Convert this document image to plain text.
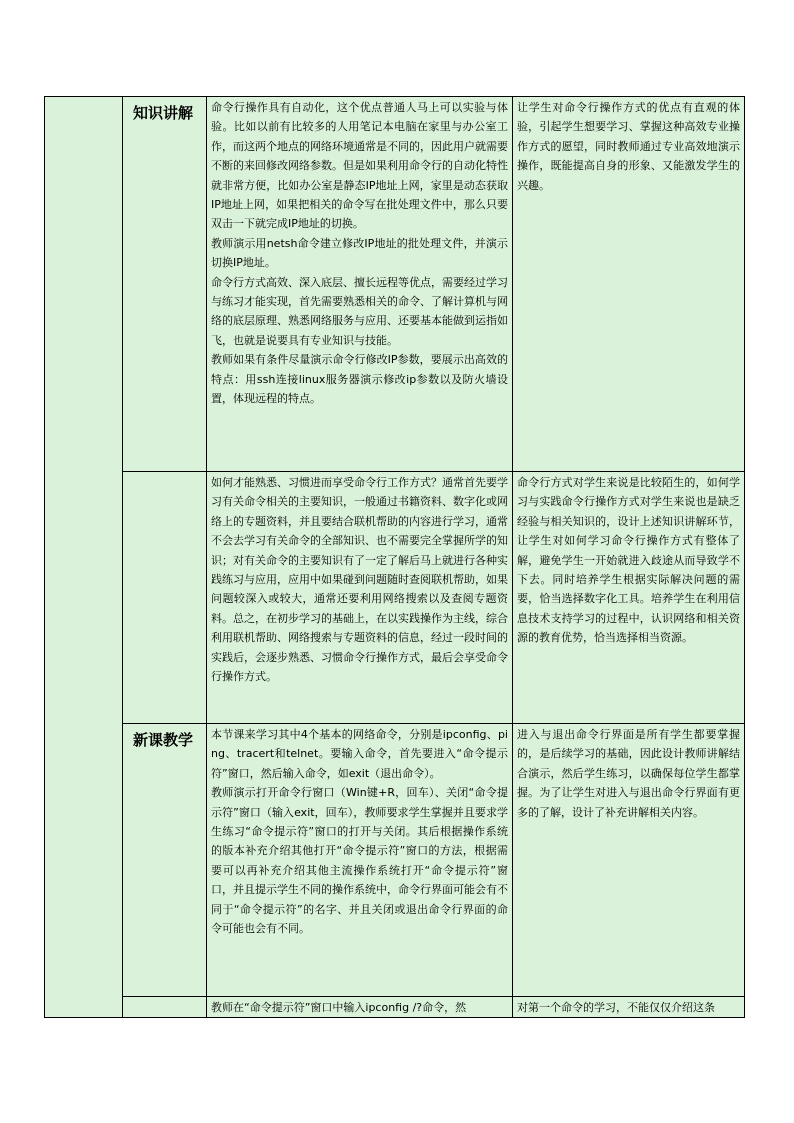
	知识讲解	命令行操作具有自动化，这个优点普通人马上可以实验与体验。比如以前有比较多的人用笔记本电脑在家里与办公室工作，而这两个地点的网络环境通常是不同的，因此用户就需要不断的来回修改网络参数。但是如果利用命令行的自动化特性就非常方便，比如办公室是静态IP地址上网，家里是动态获取IP地址上网，如果把相关的命令写在批处理文件中，那么只要双击一下就完成IP地址的切换。
教师演示用netsh命令建立修改IP地址的批处理文件，并演示切换IP地址。
命令行方式高效、深入底层、擅长远程等优点，需要经过学习与练习才能实现，首先需要熟悉相关的命令、了解计算机与网络的底层原理、熟悉网络服务与应用、还要基本能做到运指如飞，也就是说要具有专业知识与技能。
教师如果有条件尽量演示命令行修改IP参数，要展示出高效的特点：用ssh连接linux服务器演示修改ip参数以及防火墙设置，体现远程的特点。	让学生对命令行操作方式的优点有直观的体验，引起学生想要学习、掌握这种高效专业操作方式的愿望，同时教师通过专业高效地演示操作，既能提高自身的形象、又能激发学生的兴趣。

		如何才能熟悉、习惯进而享受命令行工作方式？通常首先要学习有关命令相关的主要知识，一般通过书籍资料、数字化或网络上的专题资料，并且要结合联机帮助的内容进行学习，通常不会去学习有关命令的全部知识、也不需要完全掌握所学的知识；对有关命令的主要知识有了一定了解后马上就进行各种实践练习与应用，应用中如果碰到问题随时查阅联机帮助，如果问题较深入或较大，通常还要利用网络搜索以及查阅专题资料。总之，在初步学习的基础上，在以实践操作为主线，综合利用联机帮助、网络搜索与专题资料的信息，经过一段时间的实践后，会逐步熟悉、习惯命令行操作方式，最后会享受命令行操作方式。	命令行方式对学生来说是比较陌生的，如何学习与实践命令行操作方式对学生来说也是缺乏经验与相关知识的，设计上述知识讲解环节，让学生对如何学习命令行操作方式有整体了解，避免学生一开始就进入歧途从而导致学不下去。同时培养学生根据实际解决问题的需要，恰当选择数字化工具。培养学生在利用信息技术支持学习的过程中，认识网络和相关资源的教育优势，恰当选择相当资源。

	新课教学	本节课来学习其中4个基本的网络命令，分别是ipconfig、ping、tracert和telnet。要输入命令，首先要进入“命令提示符”窗口，然后输入命令，如exit（退出命令）。
教师演示打开命令行窗口（Win键+R，回车）、关闭“命令提示符”窗口（输入exit，回车），教师要求学生掌握并且要求学生练习“命令提示符”窗口的打开与关闭。其后根据操作系统的版本补充介绍其他打开“命令提示符”窗口的方法，根据需要可以再补充介绍其他主流操作系统打开“命令提示符”窗口，并且提示学生不同的操作系统中，命令行界面可能会有不同于“命令提示符”的名字、并且关闭或退出命令行界面的命令可能也会有不同。	进入与退出命令行界面是所有学生都要掌握的，是后续学习的基础，因此设计教师讲解结合演示，然后学生练习，以确保每位学生都掌握。为了让学生对进入与退出命令行界面有更多的了解，设计了补充讲解相关内容。

		教师在“命令提示符”窗口中输入ipconfig /?命令，然	对第一个命令的学习，不能仅仅介绍这条
